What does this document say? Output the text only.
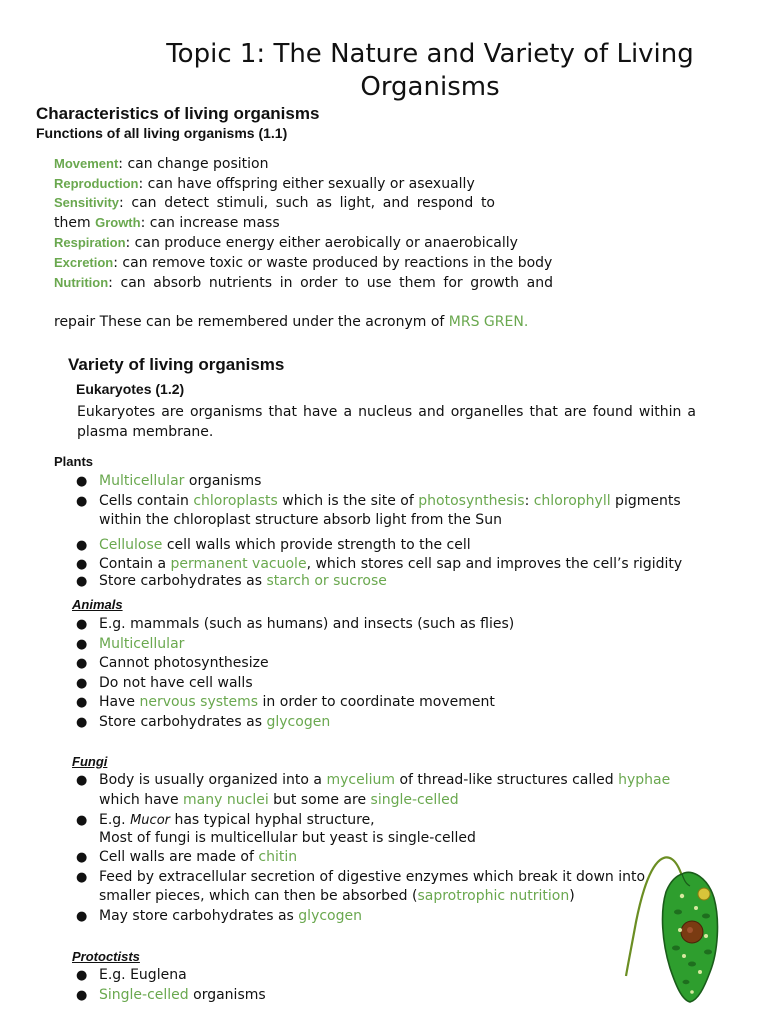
Topic 1: The Nature and Variety of Living Organisms
Characteristics of living organisms
Functions of all living organisms (1.1)
Movement: can change position
Reproduction: can have offspring either sexually or asexually
Sensitivity: can detect stimuli, such as light, and respond to
them Growth: can increase mass
Respiration: can produce energy either aerobically or anaerobically
Excretion: can remove toxic or waste produced by reactions in the body
Nutrition: can absorb nutrients in order to use them for growth and
repair These can be remembered under the acronym of MRS GREN.
Variety of living organisms
Eukaryotes (1.2)
Eukaryotes are organisms that have a nucleus and organelles that are found within a plasma membrane.
Plants
● Multicellular organisms
● Cells contain chloroplasts which is the site of photosynthesis: chlorophyll pigments within the chloroplast structure absorb light from the Sun
● Cellulose cell walls which provide strength to the cell
● Contain a permanent vacuole, which stores cell sap and improves the cell’s rigidity
● Store carbohydrates as starch or sucrose
Animals
● E.g. mammals (such as humans) and insects (such as flies)
● Multicellular
● Cannot photosynthesize
● Do not have cell walls
● Have nervous systems in order to coordinate movement
● Store carbohydrates as glycogen
Fungi
● Body is usually organized into a mycelium of thread-like structures called hyphae which have many nuclei but some are single-celled
● E.g. Mucor has typical hyphal structure,
Most of fungi is multicellular but yeast is single-celled
● Cell walls are made of chitin
● Feed by extracellular secretion of digestive enzymes which break it down into smaller pieces, which can then be absorbed (saprotrophic nutrition)
● May store carbohydrates as glycogen
Protoctists
● E.g. Euglena
● Single-celled organisms
